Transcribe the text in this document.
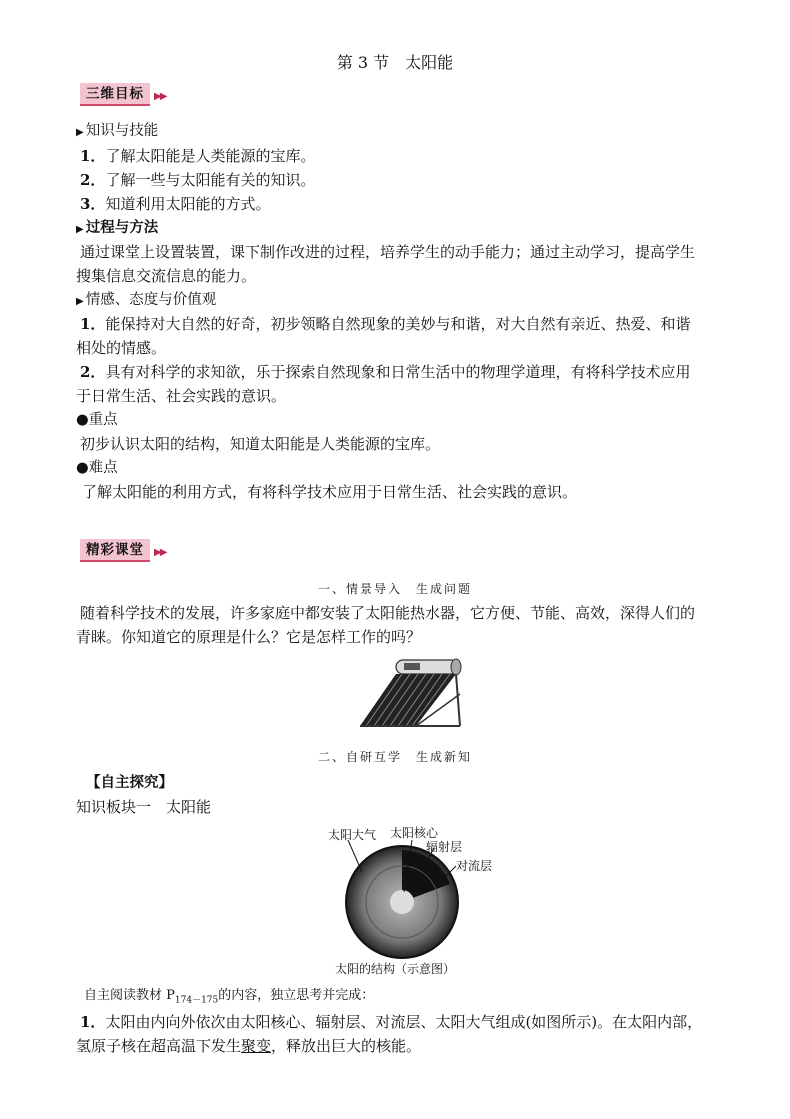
第 3 节　太阳能
三维目标	▶▶
▶ 知识与技能
1．了解太阳能是人类能源的宝库。
2．了解一些与太阳能有关的知识。
3．知道利用太阳能的方式。
▶ 过程与方法
通过课堂上设置装置，课下制作改进的过程，培养学生的动手能力；通过主动学习，提高学生
搜集信息交流信息的能力。
▶ 情感、态度与价值观
1．能保持对大自然的好奇，初步领略自然现象的美妙与和谐，对大自然有亲近、热爱、和谐
相处的情感。
2．具有对科学的求知欲，乐于探索自然现象和日常生活中的物理学道理，有将科学技术应用
于日常生活、社会实践的意识。
●重点
初步认识太阳的结构，知道太阳能是人类能源的宝库。
●难点
了解太阳能的利用方式，有将科学技术应用于日常生活、社会实践的意识。
精彩课堂	▶▶
一、情景导入　生成问题
随着科学技术的发展，许多家庭中都安装了太阳能热水器，它方便、节能、高效，深得人们的
青睐。你知道它的原理是什么？它是怎样工作的吗？
二、自研互学　生成新知
【自主探究】
知识板块一　太阳能
太阳大气 太阳核心
辐射层
对流层
太阳的结构（示意图）
自主阅读教材 $P_{174-175}$的内容，独立思考并完成：
1．太阳由内向外依次由太阳核心、辐射层、对流层、太阳大气组成(如图所示)。在太阳内部，
氢原子核在超高温下发生聚变，释放出巨大的核能。
